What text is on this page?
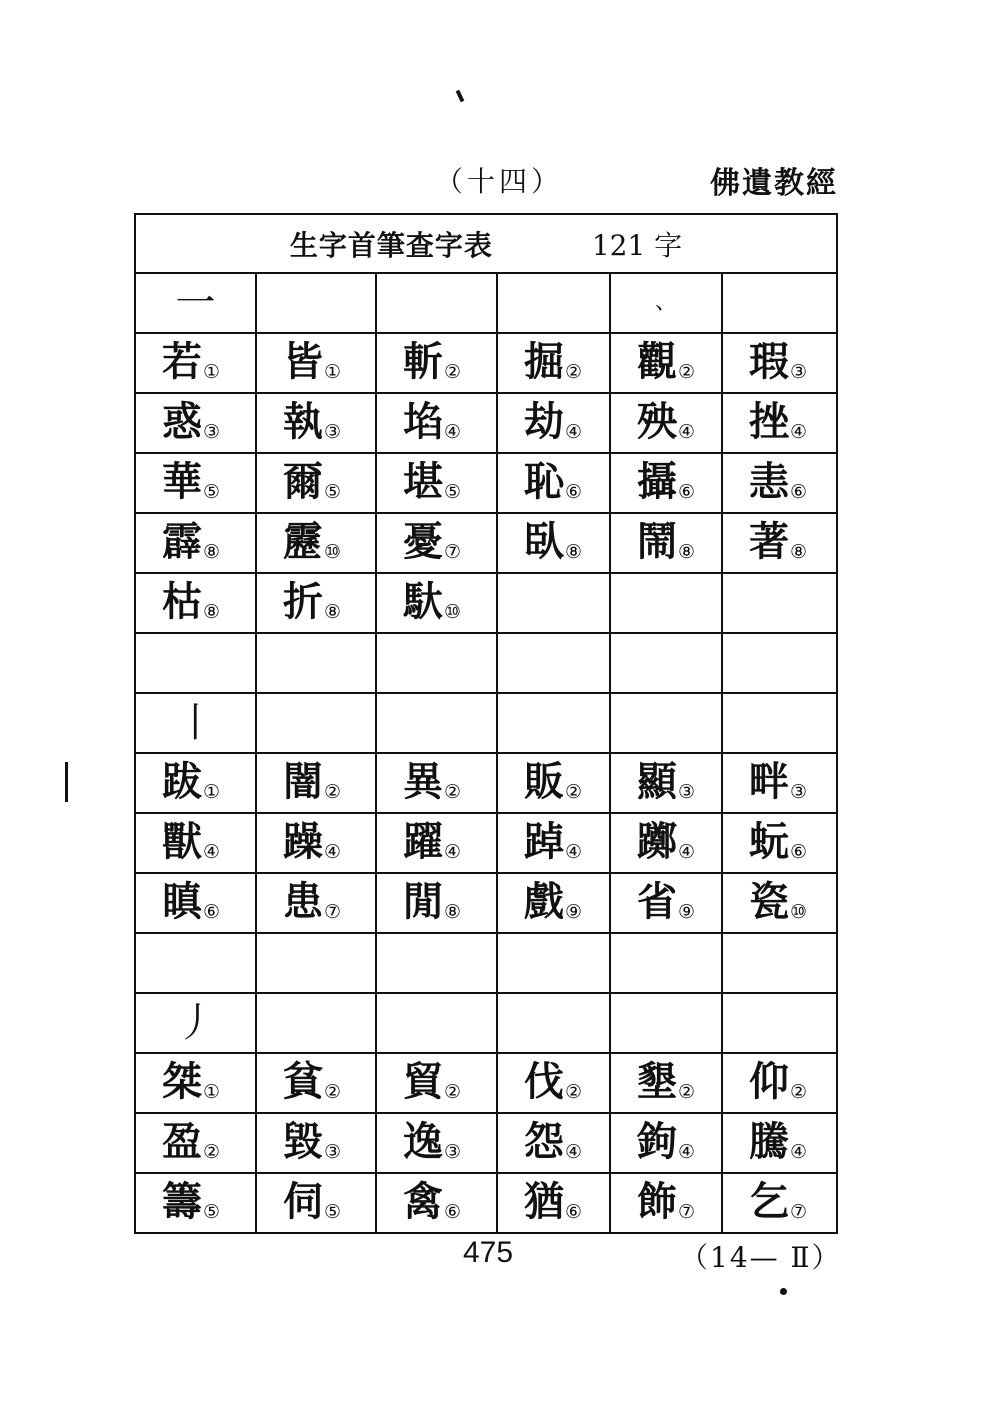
（十四）	佛遺教經
生字首筆查字表 121 字					

一				、	

若 ①	皆 ①	斬 ②	掘 ②	觀 ②	瑕 ③

惑 ③	執 ③	埳 ④	劫 ④	殃 ④	挫 ④

華 ⑤	爾 ⑤	堪 ⑤	恥 ⑥	攝 ⑥	恚 ⑥

霹 ⑧	靂 ⑩	憂 ⑦	臥 ⑧	鬧 ⑧	著 ⑧

枯 ⑧	折 ⑧	馱 ⑩			

丨					

跋 ①	闇 ②	異 ②	販 ②	顯 ③	畔 ③

獸 ④	躁 ④	躍 ④	踔 ④	躑 ④	蚖 ⑥

瞋 ⑥	患 ⑦	閒 ⑧	戲 ⑨	省 ⑨	瓷 ⑩

丿					

桀 ①	貧 ②	貿 ②	伐 ②	墾 ②	仰 ②

盈 ②	毀 ③	逸 ③	怨 ④	鉤 ④	騰 ④

籌 ⑤	伺 ⑤	禽 ⑥	猶 ⑥	飾 ⑦	乞 ⑦
475	（14— Ⅱ）
